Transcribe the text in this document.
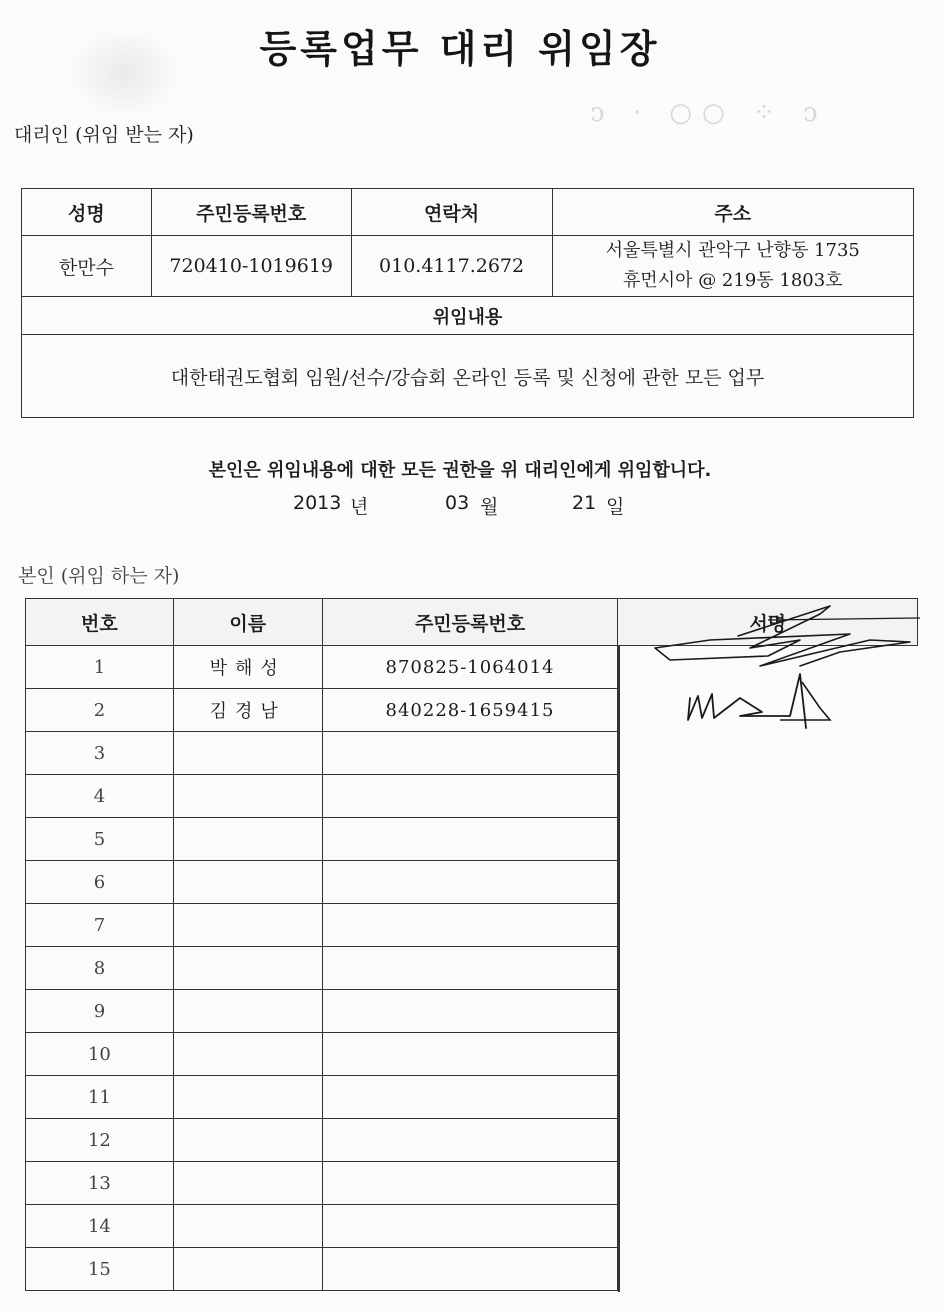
ↄ · ○○ ⁘ ↄ
등록업무 대리 위임장
대리인 (위임 받는 자)
성명	주민등록번호	연락처	주소
한만수	720410-1019619	010.4117.2672	서울특별시 관악구 난향동 1735
휴먼시아 @ 219동 1803호

위임내용			
대한태권도협회 임원/선수/강습회 온라인 등록 및 신청에 관한 모든 업무			
본인은 위임내용에 대한 모든 권한을 위 대리인에게 위임합니다.
2013 년	03 월	21 일
본인 (위임 하는 자)
번호	이름	주민등록번호	서명
1	박해성	870825-1064014	

2	김경남	840228-1659415	

3			

4			

5			

6			

7			

8			

9			

10			

11			

12			

13			

14			

15			
